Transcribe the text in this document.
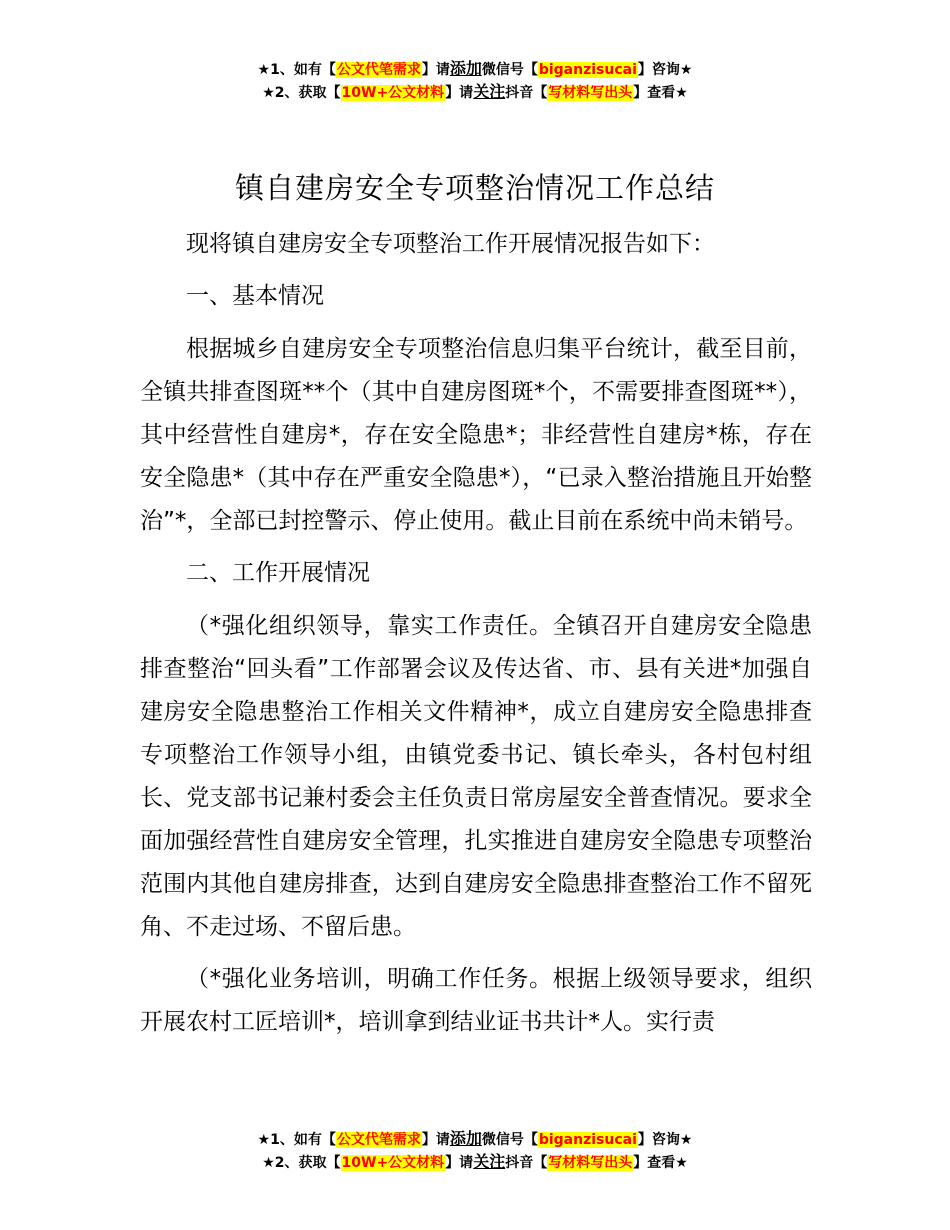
★1、如有【公文代笔需求】请添加微信号【biganzisucai】咨询★
★2、获取【10W+公文材料】请关注抖音【写材料写出头】查看★
镇自建房安全专项整治情况工作总结

现将镇自建房安全专项整治工作开展情况报告如下：

一、基本情况

根据城乡自建房安全专项整治信息归集平台统计，截至目前，全镇共排查图斑**个（其中自建房图斑*个，不需要排查图斑**），其中经营性自建房*，存在安全隐患*；非经营性自建房*栋，存在安全隐患*（其中存在严重安全隐患*），“已录入整治措施且开始整治”*，全部已封控警示、停止使用。截止目前在系统中尚未销号。

二、工作开展情况

（*强化组织领导，靠实工作责任。全镇召开自建房安全隐患排查整治“回头看”工作部署会议及传达省、市、县有关进*加强自建房安全隐患整治工作相关文件精神*，成立自建房安全隐患排查专项整治工作领导小组，由镇党委书记、镇长牵头，各村包村组长、党支部书记兼村委会主任负责日常房屋安全普查情况。要求全面加强经营性自建房安全管理，扎实推进自建房安全隐患专项整治范围内其他自建房排查，达到自建房安全隐患排查整治工作不留死角、不走过场、不留后患。

（*强化业务培训，明确工作任务。根据上级领导要求，组织开展农村工匠培训*，培训拿到结业证书共计*人。实行责

★1、如有【公文代笔需求】请添加微信号【biganzisucai】咨询★
★2、获取【10W+公文材料】请关注抖音【写材料写出头】查看★
